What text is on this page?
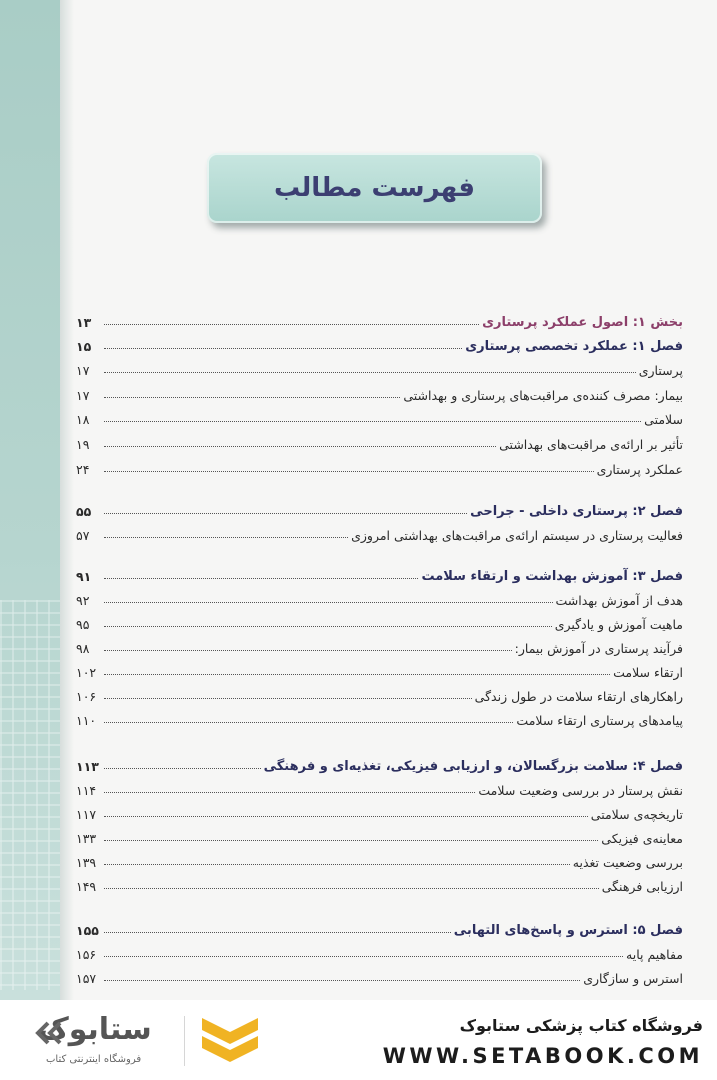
فهرست مطالب
بخش ۱: اصول عملکرد پرستاری
۱۳
فصل ۱: عملکرد تخصصی پرستاری
۱۵
پرستاری
۱۷
بیمار: مصرف کننده‌ی مراقبت‌های پرستاری و بهداشتی
۱۷
سلامتی
۱۸
تأثیر بر ارائه‌ی مراقبت‌های بهداشتی
۱۹
عملکرد پرستاری
۲۴
فصل ۲: پرستاری داخلی - جراحی
۵۵
فعالیت پرستاری در سیستم ارائه‌ی مراقبت‌های بهداشتی امروزی
۵۷
فصل ۳: آموزش بهداشت و ارتقاء سلامت
۹۱
هدف از آموزش بهداشت
۹۲
ماهیت آموزش و یادگیری
۹۵
فرآیند پرستاری در آموزش بیمار:
۹۸
ارتقاء سلامت
۱۰۲
راهکارهای ارتقاء سلامت در طول زندگی
۱۰۶
پیامدهای پرستاری ارتقاء سلامت
۱۱۰
فصل ۴: سلامت بزرگسالان، و ارزیابی فیزیکی، تغذیه‌ای و فرهنگی
۱۱۳
نقش پرستار در بررسی وضعیت سلامت
۱۱۴
تاریخچه‌ی سلامتی
۱۱۷
معاینه‌ی فیزیکی
۱۳۳
بررسی وضعیت تغذیه
۱۳۹
ارزیابی فرهنگی
۱۴۹
فصل ۵: استرس و پاسخ‌های التهابی
۱۵۵
مفاهیم پایه
۱۵۶
استرس و سازگاری
۱۵۷
ستابوک
فروشگاه اینترنتی کتاب
فروشگاه کتاب پزشکی ستابوک
WWW.SETABOOK.COM
